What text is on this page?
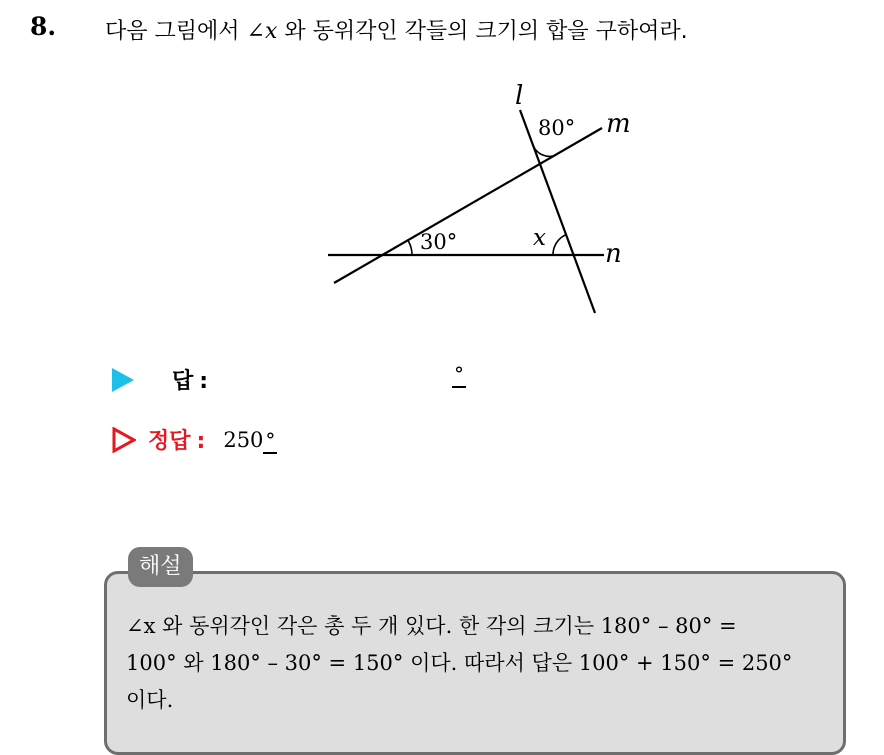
8. 다음 그림에서 ∠x 와 동위각인 각들의 크기의 합을 구하여라.
l
m
n
80°
30°	x
답 :	°
정답 : 250 °
해설
∠x 와 동위각인 각은 총 두 개 있다. 한 각의 크기는 180° – 80° =
100° 와 180° – 30° = 150° 이다. 따라서 답은 100° + 150° = 250°
이다.
